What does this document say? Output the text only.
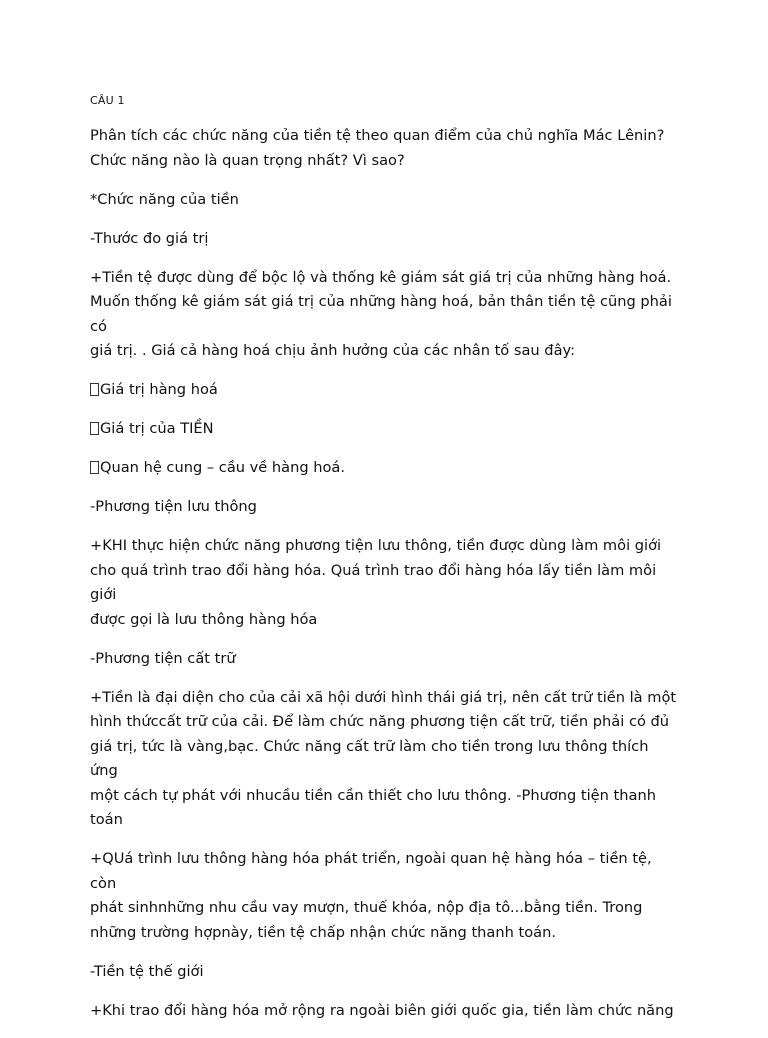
CÂU 1

Phân tích các chức năng của tiền tệ theo quan điểm của chủ nghĩa Mác Lênin?
Chức năng nào là quan trọng nhất? Vì sao?

*Chức năng của tiền

-Thước đo giá trị

+Tiền tệ được dùng để bộc lộ và thống kê giám sát giá trị của những hàng hoá.
Muốn thống kê giám sát giá trị của những hàng hoá, bản thân tiền tệ cũng phải có
giá trị. . Giá cả hàng hoá chịu ảnh hưởng của các nhân tố sau đây:

Giá trị hàng hoá

Giá trị của TIỀN

Quan hệ cung – cầu về hàng hoá.

-Phương tiện lưu thông

+KHI thực hiện chức năng phương tiện lưu thông, tiền được dùng làm môi giới
cho quá trình trao đổi hàng hóa. Quá trình trao đổi hàng hóa lấy tiền làm môi giới
được gọi là lưu thông hàng hóa

-Phương tiện cất trữ

+Tiền là đại diện cho của cải xã hội dưới hình thái giá trị, nên cất trữ tiền là một
hình thứccất trữ của cải. Để làm chức năng phương tiện cất trữ, tiền phải có đủ
giá trị, tức là vàng,bạc. Chức năng cất trữ làm cho tiền trong lưu thông thích ứng
một cách tự phát với nhucầu tiền cần thiết cho lưu thông. -Phương tiện thanh
toán

+QUá trình lưu thông hàng hóa phát triển, ngoài quan hệ hàng hóa – tiền tệ, còn
phát sinhnhững nhu cầu vay mượn, thuế khóa, nộp địa tô...bằng tiền. Trong
những trường hợpnày, tiền tệ chấp nhận chức năng thanh toán.

-Tiền tệ thế giới

+Khi trao đổi hàng hóa mở rộng ra ngoài biên giới quốc gia, tiền làm chức năng
